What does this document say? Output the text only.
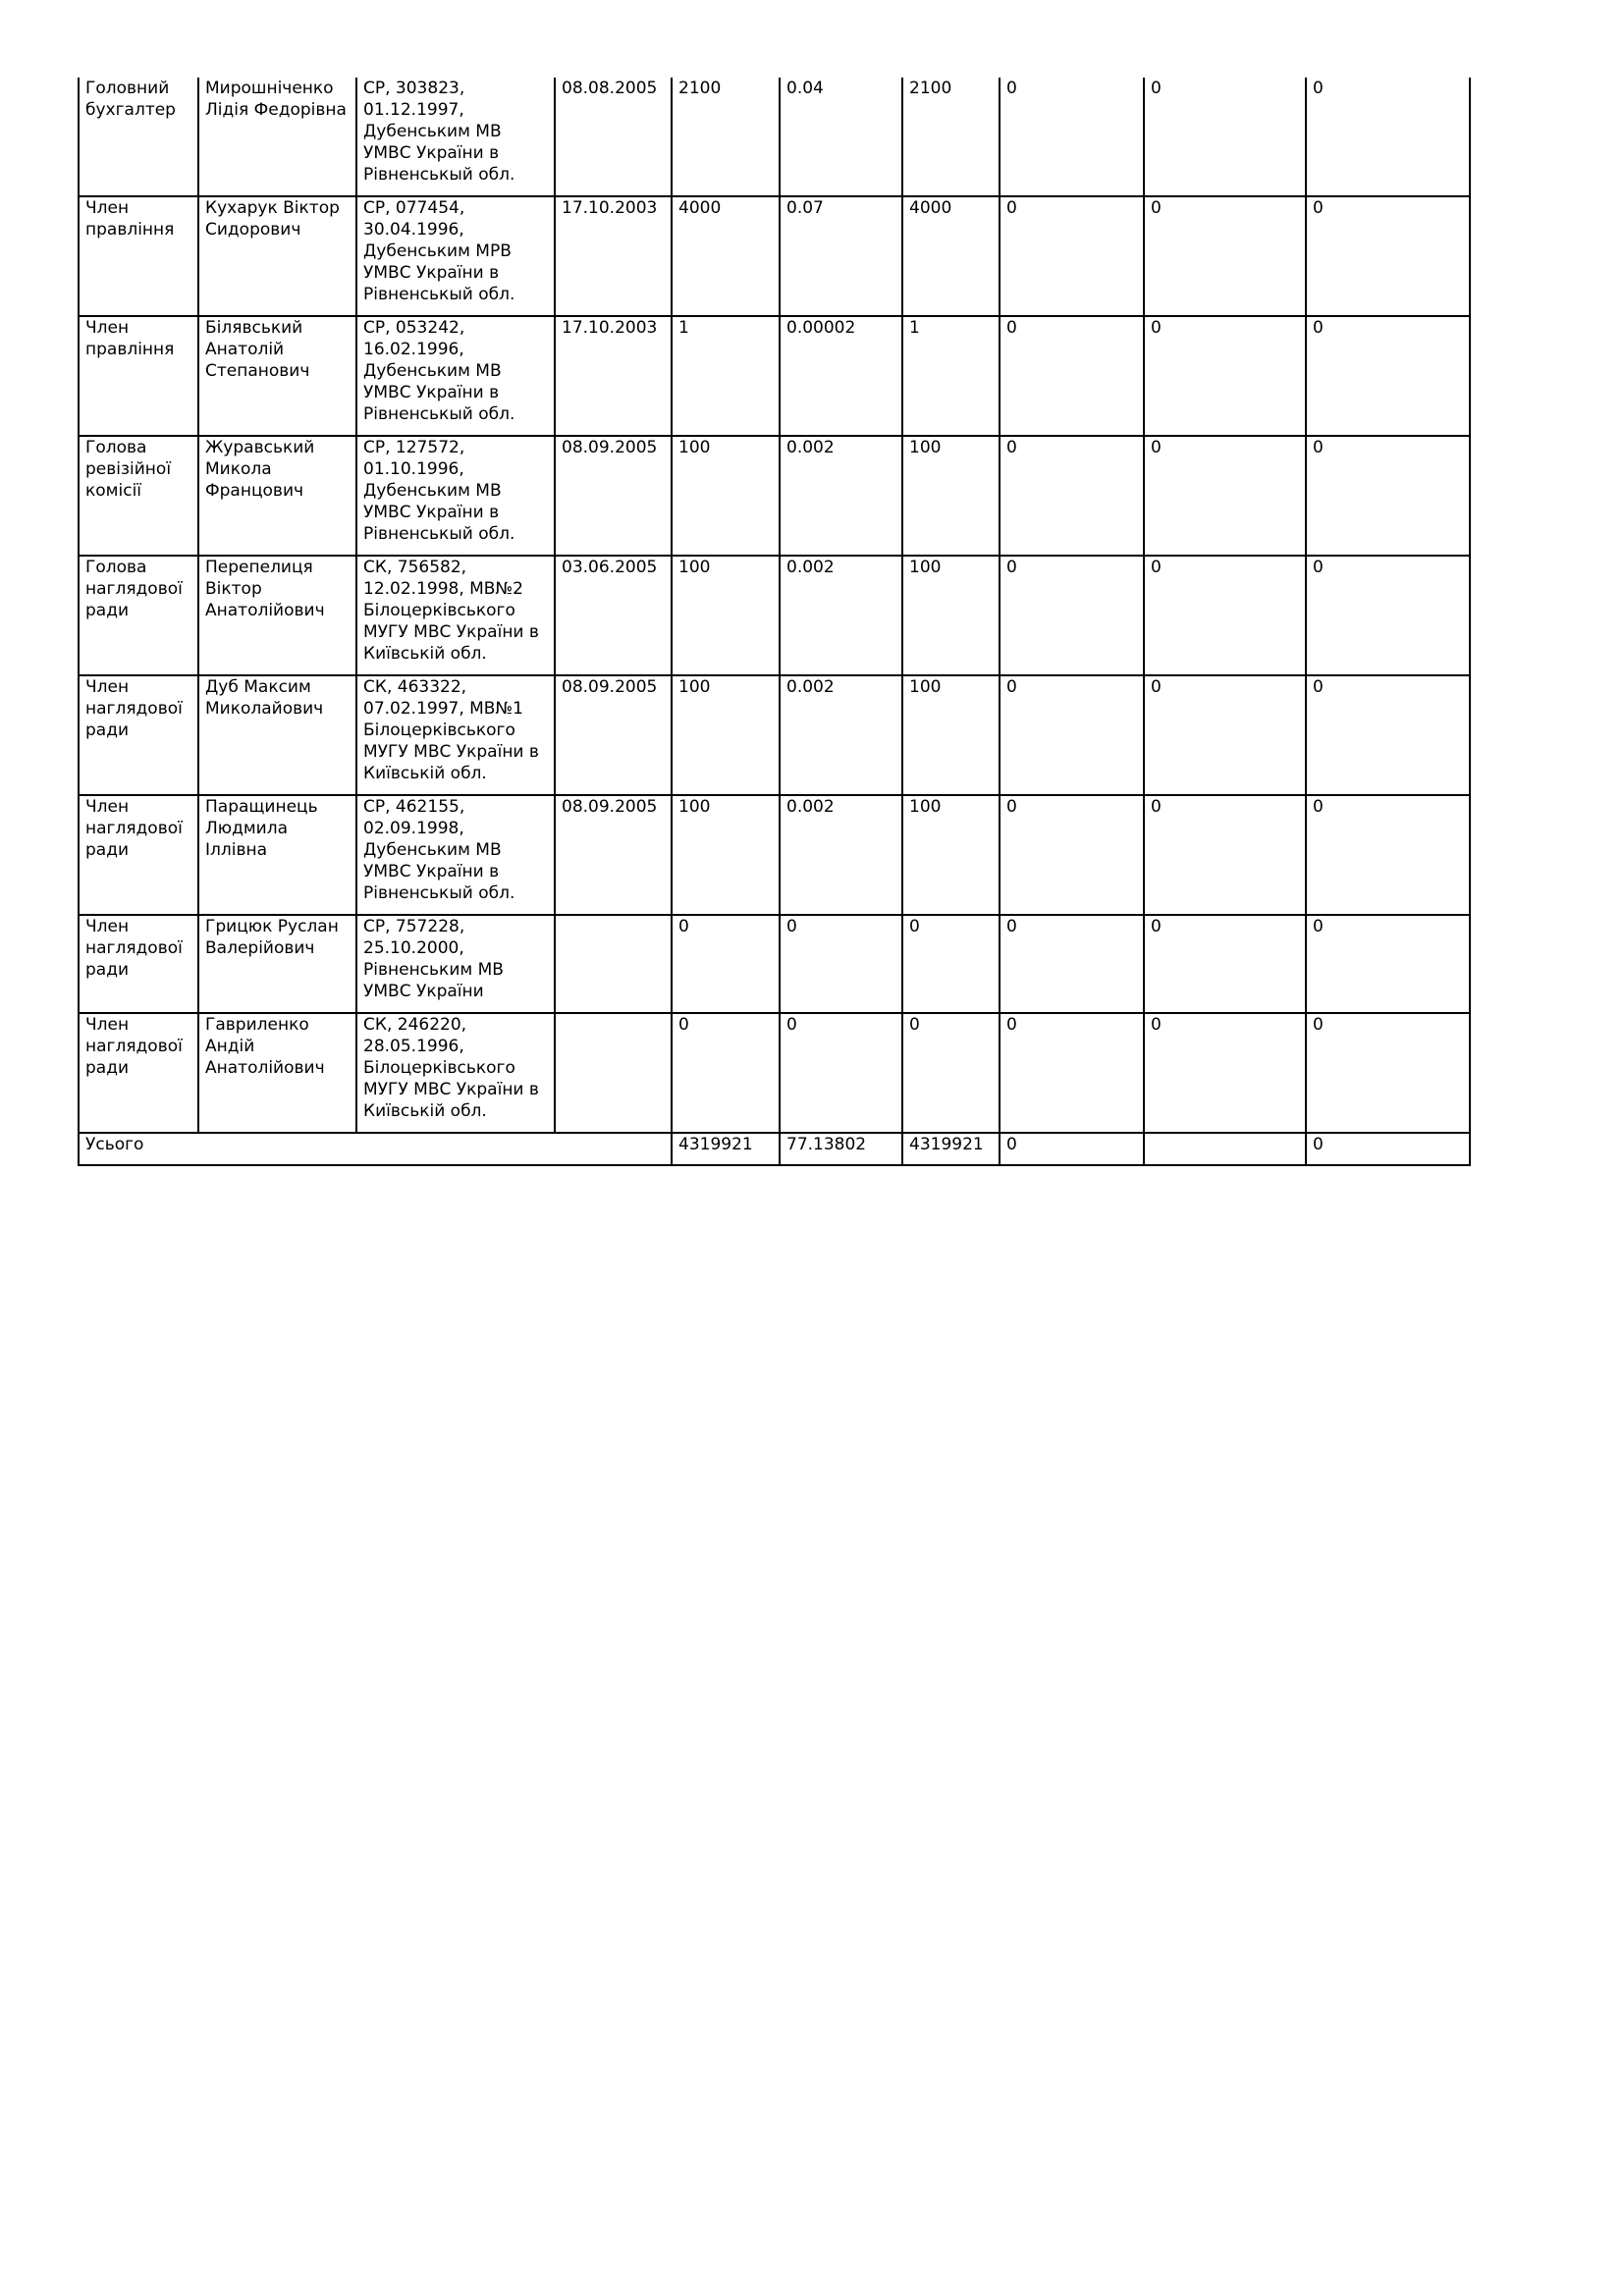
Головний бухгалтер	Мирошніченко Лідія Федорівна	СР, 303823, 01.12.1997, Дубенським МВ УМВС України в Рівненськый обл.	08.08.2005	2100	0.04	2100	0	0	0
Член правління	Кухарук Віктор Сидорович	СР, 077454, 30.04.1996, Дубенським МРВ УМВС України в Рівненськый обл.	17.10.2003	4000	0.07	4000	0	0	0
Член правління	Білявський Анатолій Степанович	СР, 053242, 16.02.1996, Дубенським МВ УМВС України в Рівненськый обл.	17.10.2003	1	0.00002	1	0	0	0
Голова ревізійної комісії	Журавський Микола Францович	СР, 127572, 01.10.1996, Дубенським МВ УМВС України в Рівненськый обл.	08.09.2005	100	0.002	100	0	0	0
Голова наглядової ради	Перепелиця Віктор Анатолійович	СК, 756582, 12.02.1998, МВ№2 Білоцерківського МУГУ МВС України в Київській обл.	03.06.2005	100	0.002	100	0	0	0
Член наглядової ради	Дуб Максим Миколайович	СК, 463322, 07.02.1997, МВ№1 Білоцерківського МУГУ МВС України в Київській обл.	08.09.2005	100	0.002	100	0	0	0
Член наглядової ради	Паращинець Людмила Іллівна	СР, 462155, 02.09.1998, Дубенським МВ УМВС України в Рівненськый обл.	08.09.2005	100	0.002	100	0	0	0
Член наглядової ради	Грицюк Руслан Валерійович	СР, 757228, 25.10.2000, Рівненським МВ УМВС України		0	0	0	0	0	0
Член наглядової ради	Гавриленко Андій Анатолійович	СК, 246220, 28.05.1996, Білоцерківського МУГУ МВС України в Київській обл.		0	0	0	0	0	0
Усього				4319921	77.13802	4319921	0		0
